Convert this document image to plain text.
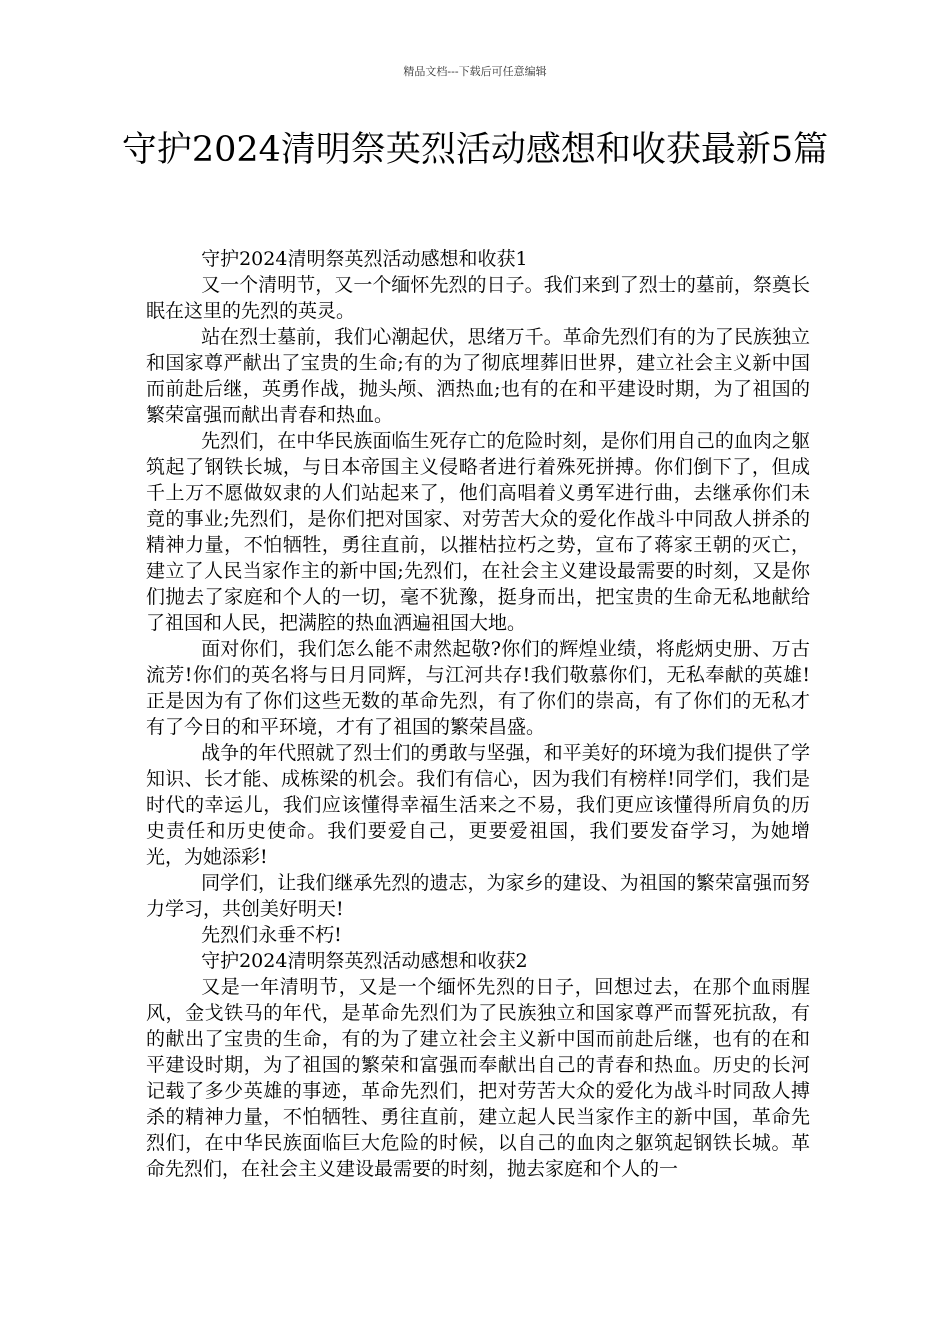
精品文档---下载后可任意编辑
守护2024清明祭英烈活动感想和收获最新5篇

守护2024清明祭英烈活动感想和收获1

又一个清明节，又一个缅怀先烈的日子。我们来到了烈士的墓前，祭奠长眠在这里的先烈的英灵。

站在烈士墓前，我们心潮起伏，思绪万千。革命先烈们有的为了民族独立和国家尊严献出了宝贵的生命;有的为了彻底埋葬旧世界，建立社会主义新中国而前赴后继，英勇作战，抛头颅、洒热血;也有的在和平建设时期，为了祖国的繁荣富强而献出青春和热血。

先烈们，在中华民族面临生死存亡的危险时刻，是你们用自己的血肉之躯筑起了钢铁长城，与日本帝国主义侵略者进行着殊死拼搏。你们倒下了，但成千上万不愿做奴隶的人们站起来了，他们高唱着义勇军进行曲，去继承你们未竟的事业;先烈们，是你们把对国家、对劳苦大众的爱化作战斗中同敌人拼杀的精神力量，不怕牺牲，勇往直前，以摧枯拉朽之势，宣布了蒋家王朝的灭亡，建立了人民当家作主的新中国;先烈们，在社会主义建设最需要的时刻，又是你们抛去了家庭和个人的一切，毫不犹豫，挺身而出，把宝贵的生命无私地献给了祖国和人民，把满腔的热血洒遍祖国大地。

面对你们，我们怎么能不肃然起敬?你们的辉煌业绩，将彪炳史册、万古流芳!你们的英名将与日月同辉，与江河共存!我们敬慕你们，无私奉献的英雄!正是因为有了你们这些无数的革命先烈，有了你们的崇高，有了你们的无私才有了今日的和平环境，才有了祖国的繁荣昌盛。

战争的年代照就了烈士们的勇敢与坚强，和平美好的环境为我们提供了学知识、长才能、成栋梁的机会。我们有信心，因为我们有榜样!同学们，我们是时代的幸运儿，我们应该懂得幸福生活来之不易，我们更应该懂得所肩负的历史责任和历史使命。我们要爱自己，更要爱祖国，我们要发奋学习，为她增光，为她添彩!

同学们，让我们继承先烈的遗志，为家乡的建设、为祖国的繁荣富强而努力学习，共创美好明天!

先烈们永垂不朽!

守护2024清明祭英烈活动感想和收获2

又是一年清明节，又是一个缅怀先烈的日子，回想过去，在那个血雨腥风，金戈铁马的年代，是革命先烈们为了民族独立和国家尊严而誓死抗敌，有的献出了宝贵的生命，有的为了建立社会主义新中国而前赴后继，也有的在和平建设时期，为了祖国的繁荣和富强而奉献出自己的青春和热血。历史的长河记载了多少英雄的事迹，革命先烈们，把对劳苦大众的爱化为战斗时同敌人搏杀的精神力量，不怕牺牲、勇往直前，建立起人民当家作主的新中国，革命先烈们，在中华民族面临巨大危险的时候，以自己的血肉之躯筑起钢铁长城。革命先烈们，在社会主义建设最需要的时刻，抛去家庭和个人的一
